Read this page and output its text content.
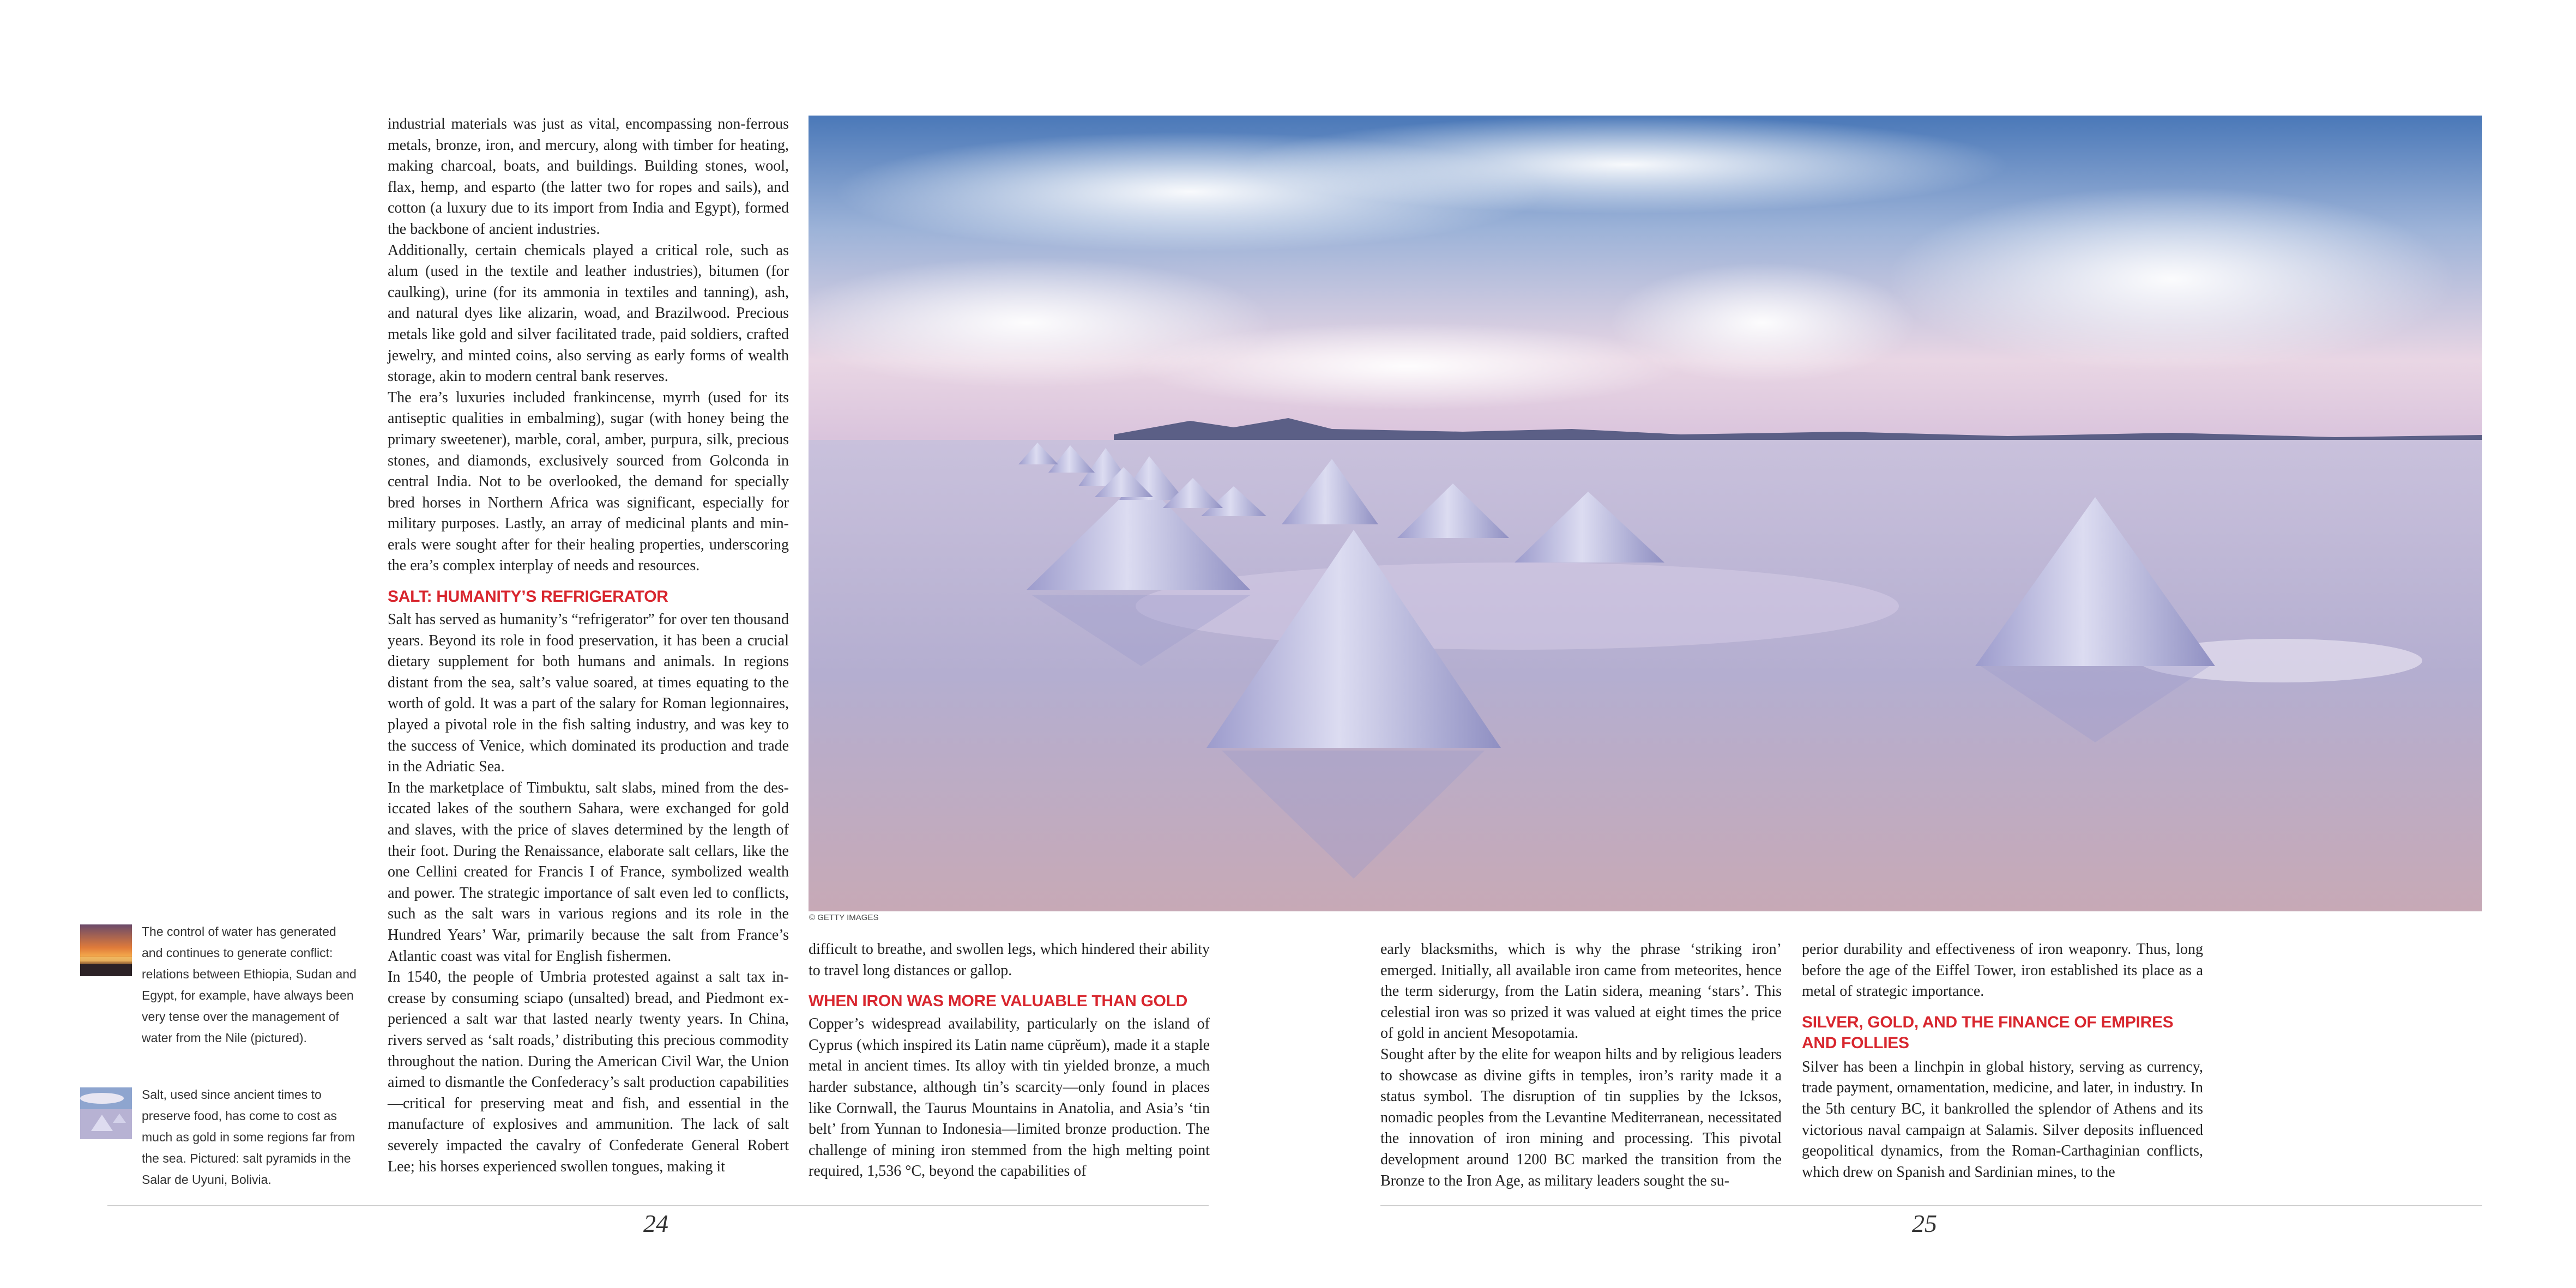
industrial materials was just as vital, encompassing non-ferrous metals, bronze, iron, and mercury, along with timber for heating, making charcoal, boats, and buildings. Building stones, wool, flax, hemp, and esparto (the latter two for ropes and sails), and cotton (a luxury due to its import from India and Egypt), formed the backbone of ancient industries.

Additionally, certain chemicals played a critical role, such as alum (used in the textile and leather industries), bitumen (for caulking), urine (for its ammonia in textiles and tanning), ash, and natural dyes like alizarin, woad, and Brazilwood. Precious metals like gold and silver facilitated trade, paid soldiers, crafted jewelry, and minted coins, also serving as early forms of wealth storage, akin to modern central bank reserves.

The era’s luxuries included frankincense, myrrh (used for its antiseptic qualities in embalming), sugar (with honey being the primary sweetener), marble, coral, amber, purpura, silk, precious stones, and diamonds, exclusively sourced from Golconda in central India. Not to be overlooked, the demand for specially bred horses in Northern Africa was significant, especially for military purposes. Lastly, an array of medicinal plants and minerals were sought after for their healing properties, underscoring the era’s complex interplay of needs and resources.

SALT: HUMANITY’S REFRIGERATOR

Salt has served as humanity’s “refrigerator” for over ten thousand years. Beyond its role in food preservation, it has been a crucial dietary supplement for both humans and animals. In regions distant from the sea, salt’s value soared, at times equating to the worth of gold. It was a part of the salary for Roman legionnaires, played a pivotal role in the fish salting industry, and was key to the success of Venice, which dominated its production and trade in the Adriatic Sea.

In the marketplace of Timbuktu, salt slabs, mined from the desiccated lakes of the southern Sahara, were exchanged for gold and slaves, with the price of slaves determined by the length of their foot. During the Renaissance, elaborate salt cellars, like the one Cellini created for Francis I of France, symbolized wealth and power. The strategic importance of salt even led to conflicts, such as the salt wars in various regions and its role in the Hundred Years’ War, primarily because the salt from France’s Atlantic coast was vital for English fishermen.

In 1540, the people of Umbria protested against a salt tax increase by consuming sciapo (unsalted) bread, and Piedmont experienced a salt war that lasted nearly twenty years. In China, rivers served as ‘salt roads,’ distributing this precious commodity throughout the nation. During the American Civil War, the Union aimed to dismantle the Confederacy’s salt production capabilities—critical for preserving meat and fish, and essential in the manufacture of explosives and ammunition. The lack of salt severely impacted the cavalry of Confederate General Robert Lee; his horses experienced swollen tongues, making it

© GETTY IMAGES
The control of water has generated and continues to generate conflict: relations between Ethiopia, Sudan and Egypt, for example, have always been very tense over the management of water from the Nile (pictured).
Salt, used since ancient times to preserve food, has come to cost as much as gold in some regions far from the sea. Pictured: salt pyramids in the Salar de Uyuni, Bolivia.

difficult to breathe, and swollen legs, which hindered their ability to travel long distances or gallop.

WHEN IRON WAS MORE VALUABLE THAN GOLD

Copper’s widespread availability, particularly on the island of Cyprus (which inspired its Latin name cūprĕum), made it a staple metal in ancient times. Its alloy with tin yielded bronze, a much harder substance, although tin’s scarcity—only found in places like Cornwall, the Taurus Mountains in Anatolia, and Asia’s ‘tin belt’ from Yunnan to Indonesia—limited bronze production. The challenge of mining iron stemmed from the high melting point required, 1,536 °C, beyond the capabilities of

early blacksmiths, which is why the phrase ‘striking iron’ emerged. Initially, all available iron came from meteorites, hence the term siderurgy, from the Latin sidera, meaning ‘stars’. This celestial iron was so prized it was valued at eight times the price of gold in ancient Mesopotamia.

Sought after by the elite for weapon hilts and by religious leaders to showcase as divine gifts in temples, iron’s rarity made it a status symbol. The disruption of tin supplies by the Icksos, nomadic peoples from the Levantine Mediterranean, necessitated the innovation of iron mining and processing. This pivotal development around 1200 BC marked the transition from the Bronze to the Iron Age, as military leaders sought the su-

perior durability and effectiveness of iron weaponry. Thus, long before the age of the Eiffel Tower, iron established its place as a metal of strategic importance.

SILVER, GOLD, AND THE FINANCE OF EMPIRES
AND FOLLIES

Silver has been a linchpin in global history, serving as currency, trade payment, ornamentation, medicine, and later, in industry. In the 5th century BC, it bankrolled the splendor of Athens and its victorious naval campaign at Salamis. Silver deposits influenced geopolitical dynamics, from the Roman-Carthaginian conflicts, which drew on Spanish and Sardinian mines, to the

24	25
